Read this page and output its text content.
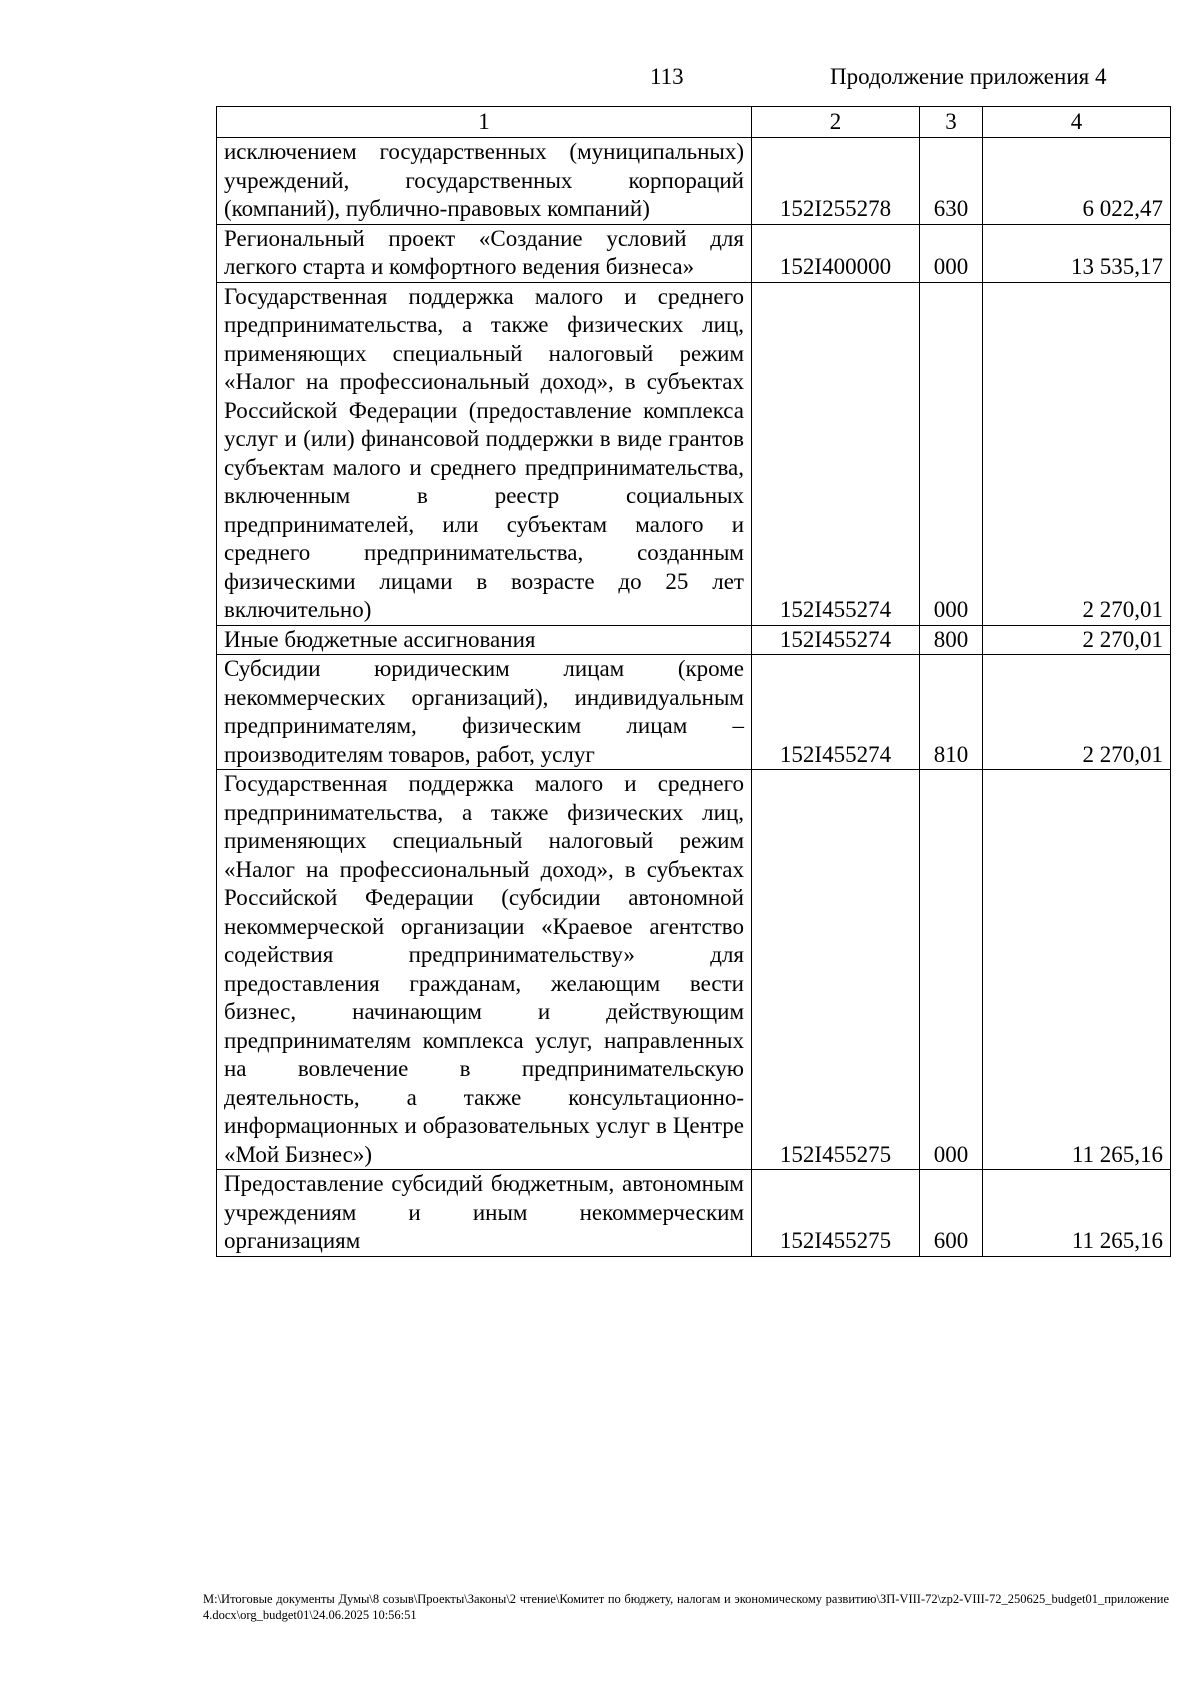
113	Продолжение приложения 4
1	2	3	4
исключением государственных (муниципальных) учреждений, государственных корпораций (компаний), публично-правовых компаний)	152I255278	630	6 022,47
Региональный проект «Создание условий для легкого старта и комфортного ведения бизнеса»	152I400000	000	13 535,17
Государственная поддержка малого и среднего предпринимательства, а также физических лиц, применяющих специальный налоговый режим «Налог на профессиональный доход», в субъектах Российской Федерации (предоставление комплекса услуг и (или) финансовой поддержки в виде грантов субъектам малого и среднего предпринимательства, включенным в реестр социальных предпринимателей, или субъектам малого и среднего предпринимательства, созданным физическими лицами в возрасте до 25 лет включительно)	152I455274	000	2 270,01
Иные бюджетные ассигнования	152I455274	800	2 270,01
Субсидии юридическим лицам (кроме некоммерческих организаций), индивидуальным предпринимателям, физическим лицам – производителям товаров, работ, услуг	152I455274	810	2 270,01
Государственная поддержка малого и среднего предпринимательства, а также физических лиц, применяющих специальный налоговый режим «Налог на профессиональный доход», в субъектах Российской Федерации (субсидии автономной некоммерческой организации «Краевое агентство содействия предпринимательству» для предоставления гражданам, желающим вести бизнес, начинающим и действующим предпринимателям комплекса услуг, направленных на вовлечение в предпринимательскую деятельность, а также консультационно-информационных и образовательных услуг в Центре «Мой Бизнес»)	152I455275	000	11 265,16
Предоставление субсидий бюджетным, автономным учреждениям и иным некоммерческим организациям	152I455275	600	11 265,16
M:\Итоговые документы Думы\8 созыв\Проекты\Законы\2 чтение\Комитет по бюджету, налогам и экономическому развитию\ЗП-VIII-72\zp2-VIII-72_250625_budget01_приложение4.docx\org_budget01\24.06.2025 10:56:51
